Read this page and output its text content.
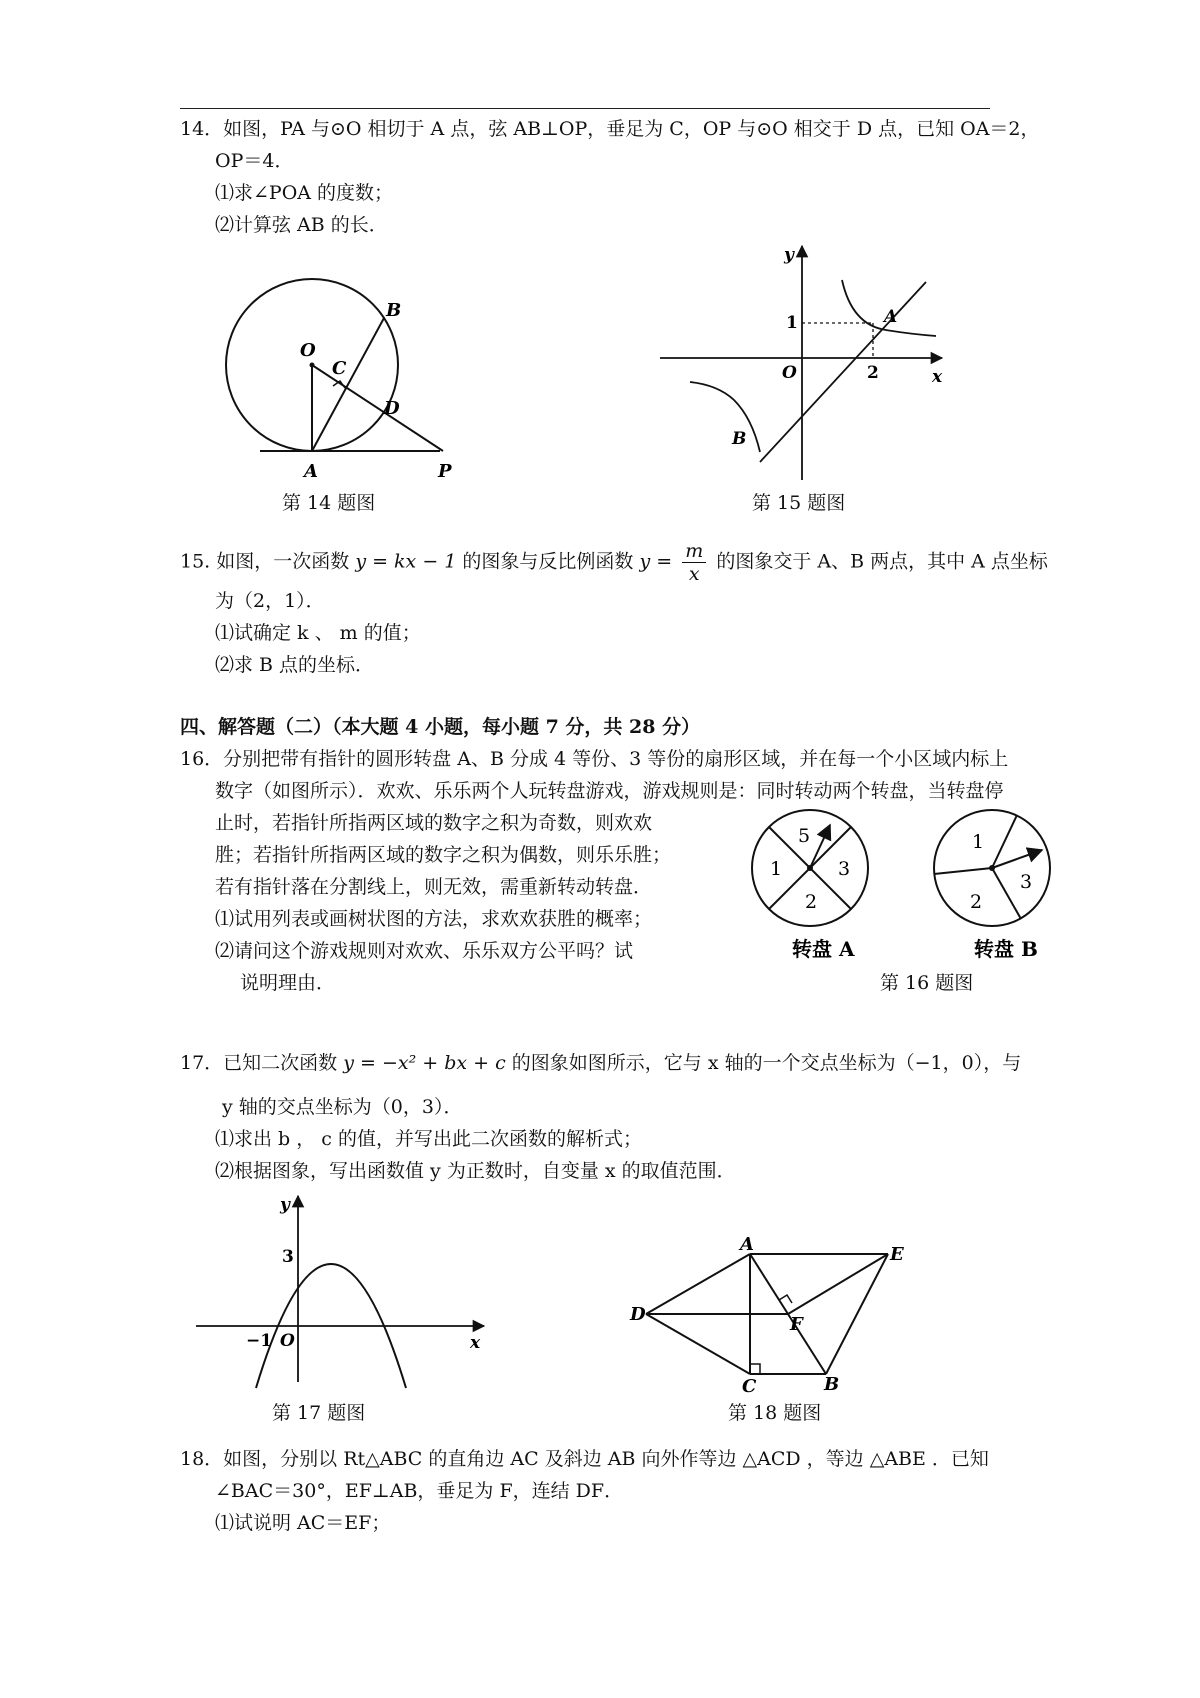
14．如图，PA 与⊙O 相切于 A 点，弦 AB⊥OP，垂足为 C，OP 与⊙O 相交于 D 点，已知 OA＝2，
OP＝4．
⑴求∠POA 的度数；
⑵计算弦 AB 的长．
O
B
C
D
A	P
第 14 题图
y
x
O
1
2
A
B
第 15 题图
15. 如图，一次函数 y = kx − 1 的图象与反比例函数 $y = \frac{m}{x}$ 的图象交于 A、B 两点，其中 A 点坐标
为（2，1）．
⑴试确定 k 、 m 的值；
⑵求 B 点的坐标．
四、解答题（二）（本大题 4 小题，每小题 7 分，共 28 分）
16．分别把带有指针的圆形转盘 A、B 分成 4 等份、3 等份的扇形区域，并在每一个小区域内标上
数字（如图所示）．欢欢、乐乐两个人玩转盘游戏，游戏规则是：同时转动两个转盘，当转盘停
止时，若指针所指两区域的数字之积为奇数，则欢欢
胜；若指针所指两区域的数字之积为偶数，则乐乐胜；
若有指针落在分割线上，则无效，需重新转动转盘．
⑴试用列表或画树状图的方法，求欢欢获胜的概率；
⑵请问这个游戏规则对欢欢、乐乐双方公平吗？试
说明理由．
5
1	3
2
转盘 A
1
3
2
转盘 B
第 16 题图
17．已知二次函数 y = −x² + bx + c 的图象如图所示，它与 x 轴的一个交点坐标为（−1，0），与
y 轴的交点坐标为（0，3）．
⑴求出 b ， c 的值，并写出此二次函数的解析式；
⑵根据图象，写出函数值 y 为正数时，自变量 x 的取值范围．
y
x
3
−1 O
第 17 题图
A	E
D	F
C	B
第 18 题图
18．如图，分别以 Rt△ABC 的直角边 AC 及斜边 AB 向外作等边 △ACD ，等边 △ABE ．已知
∠BAC＝30°，EF⊥AB，垂足为 F，连结 DF．
⑴试说明 AC＝EF；
